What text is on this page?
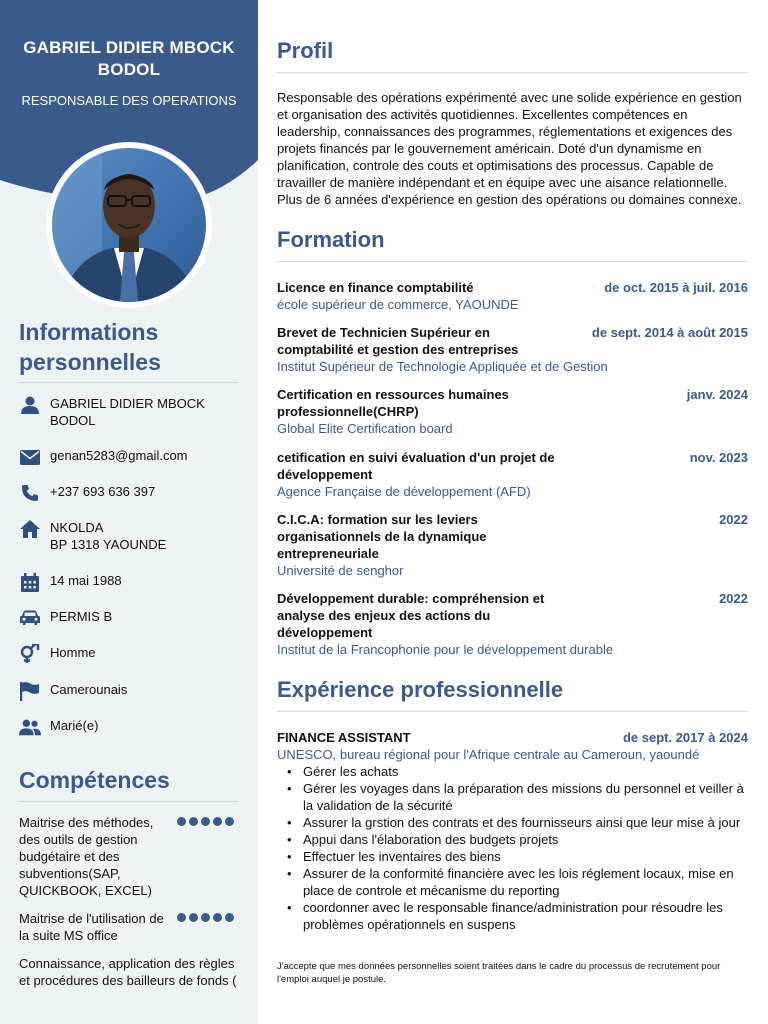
GABRIEL DIDIER MBOCK BODOL
RESPONSABLE DES OPERATIONS
Informations personnelles
GABRIEL DIDIER MBOCK BODOL
genan5283@gmail.com
+237 693 636 397
NKOLDA
BP 1318 YAOUNDE
14 mai 1988
PERMIS B
Homme
Camerounais
Marié(e)
Compétences
Maitrise des méthodes, des outils de gestion budgétaire et des subventions(SAP, QUICKBOOK, EXCEL)
Maitrise de l'utilisation de la suite MS office
Connaissance, application des règles et procédures des bailleurs de fonds (
Profil

Responsable des opérations expérimenté avec une solide expérience en gestion et organisation des activités quotidiennes. Excellentes compétences en leadership, connaissances des programmes, réglementations et exigences des projets financés par le gouvernement américain. Doté d'un dynamisme en planification, controle des couts et optimisations des processus. Capable de travailler de manière indépendant et en équipe avec une aisance relationnelle. Plus de 6 années d'expérience en gestion des opérations ou domaines connexe.

Formation
Licence en finance comptabilité	de oct. 2015 à juil. 2016
école supérieur de commerce, YAOUNDE
Brevet de Technicien Supérieur en comptabilité et gestion des entreprises
de sept. 2014 à août 2015
Institut Supérieur de Technologie Appliquée et de Gestion
Certification en ressources humaines professionnelle(CHRP)
janv. 2024
Global Elite Certification board
cetification en suivi évaluation d'un projet de développement
nov. 2023
Agence Française de développement (AFD)
C.I.C.A: formation sur les leviers organisationnels de la dynamique entrepreneuriale
2022
Université de senghor
Développement durable: compréhension et analyse des enjeux des actions du développement
2022
Institut de la Francophonie pour le développement durable
Expérience professionnelle
FINANCE ASSISTANT	de sept. 2017 à 2024
UNESCO, bureau régional pour l'Afrique centrale au Cameroun, yaoundé
• Gérer les achats
• Gérer les voyages dans la préparation des missions du personnel et veiller à la validation de la sécurité
• Assurer la grstion des contrats et des fournisseurs ainsi que leur mise à jour
• Appui dans l'élaboration des budgets projets
• Effectuer les inventaires des biens
• Assurer de la conformité financière avec les lois réglement locaux, mise en place de controle et mécanisme du reporting
• coordonner avec le responsable finance/administration pour résoudre les problèmes opérationnels en suspens

J'accepte que mes données personnelles soient traitées dans le cadre du processus de recrutement pour l'emploi auquel je postule.
